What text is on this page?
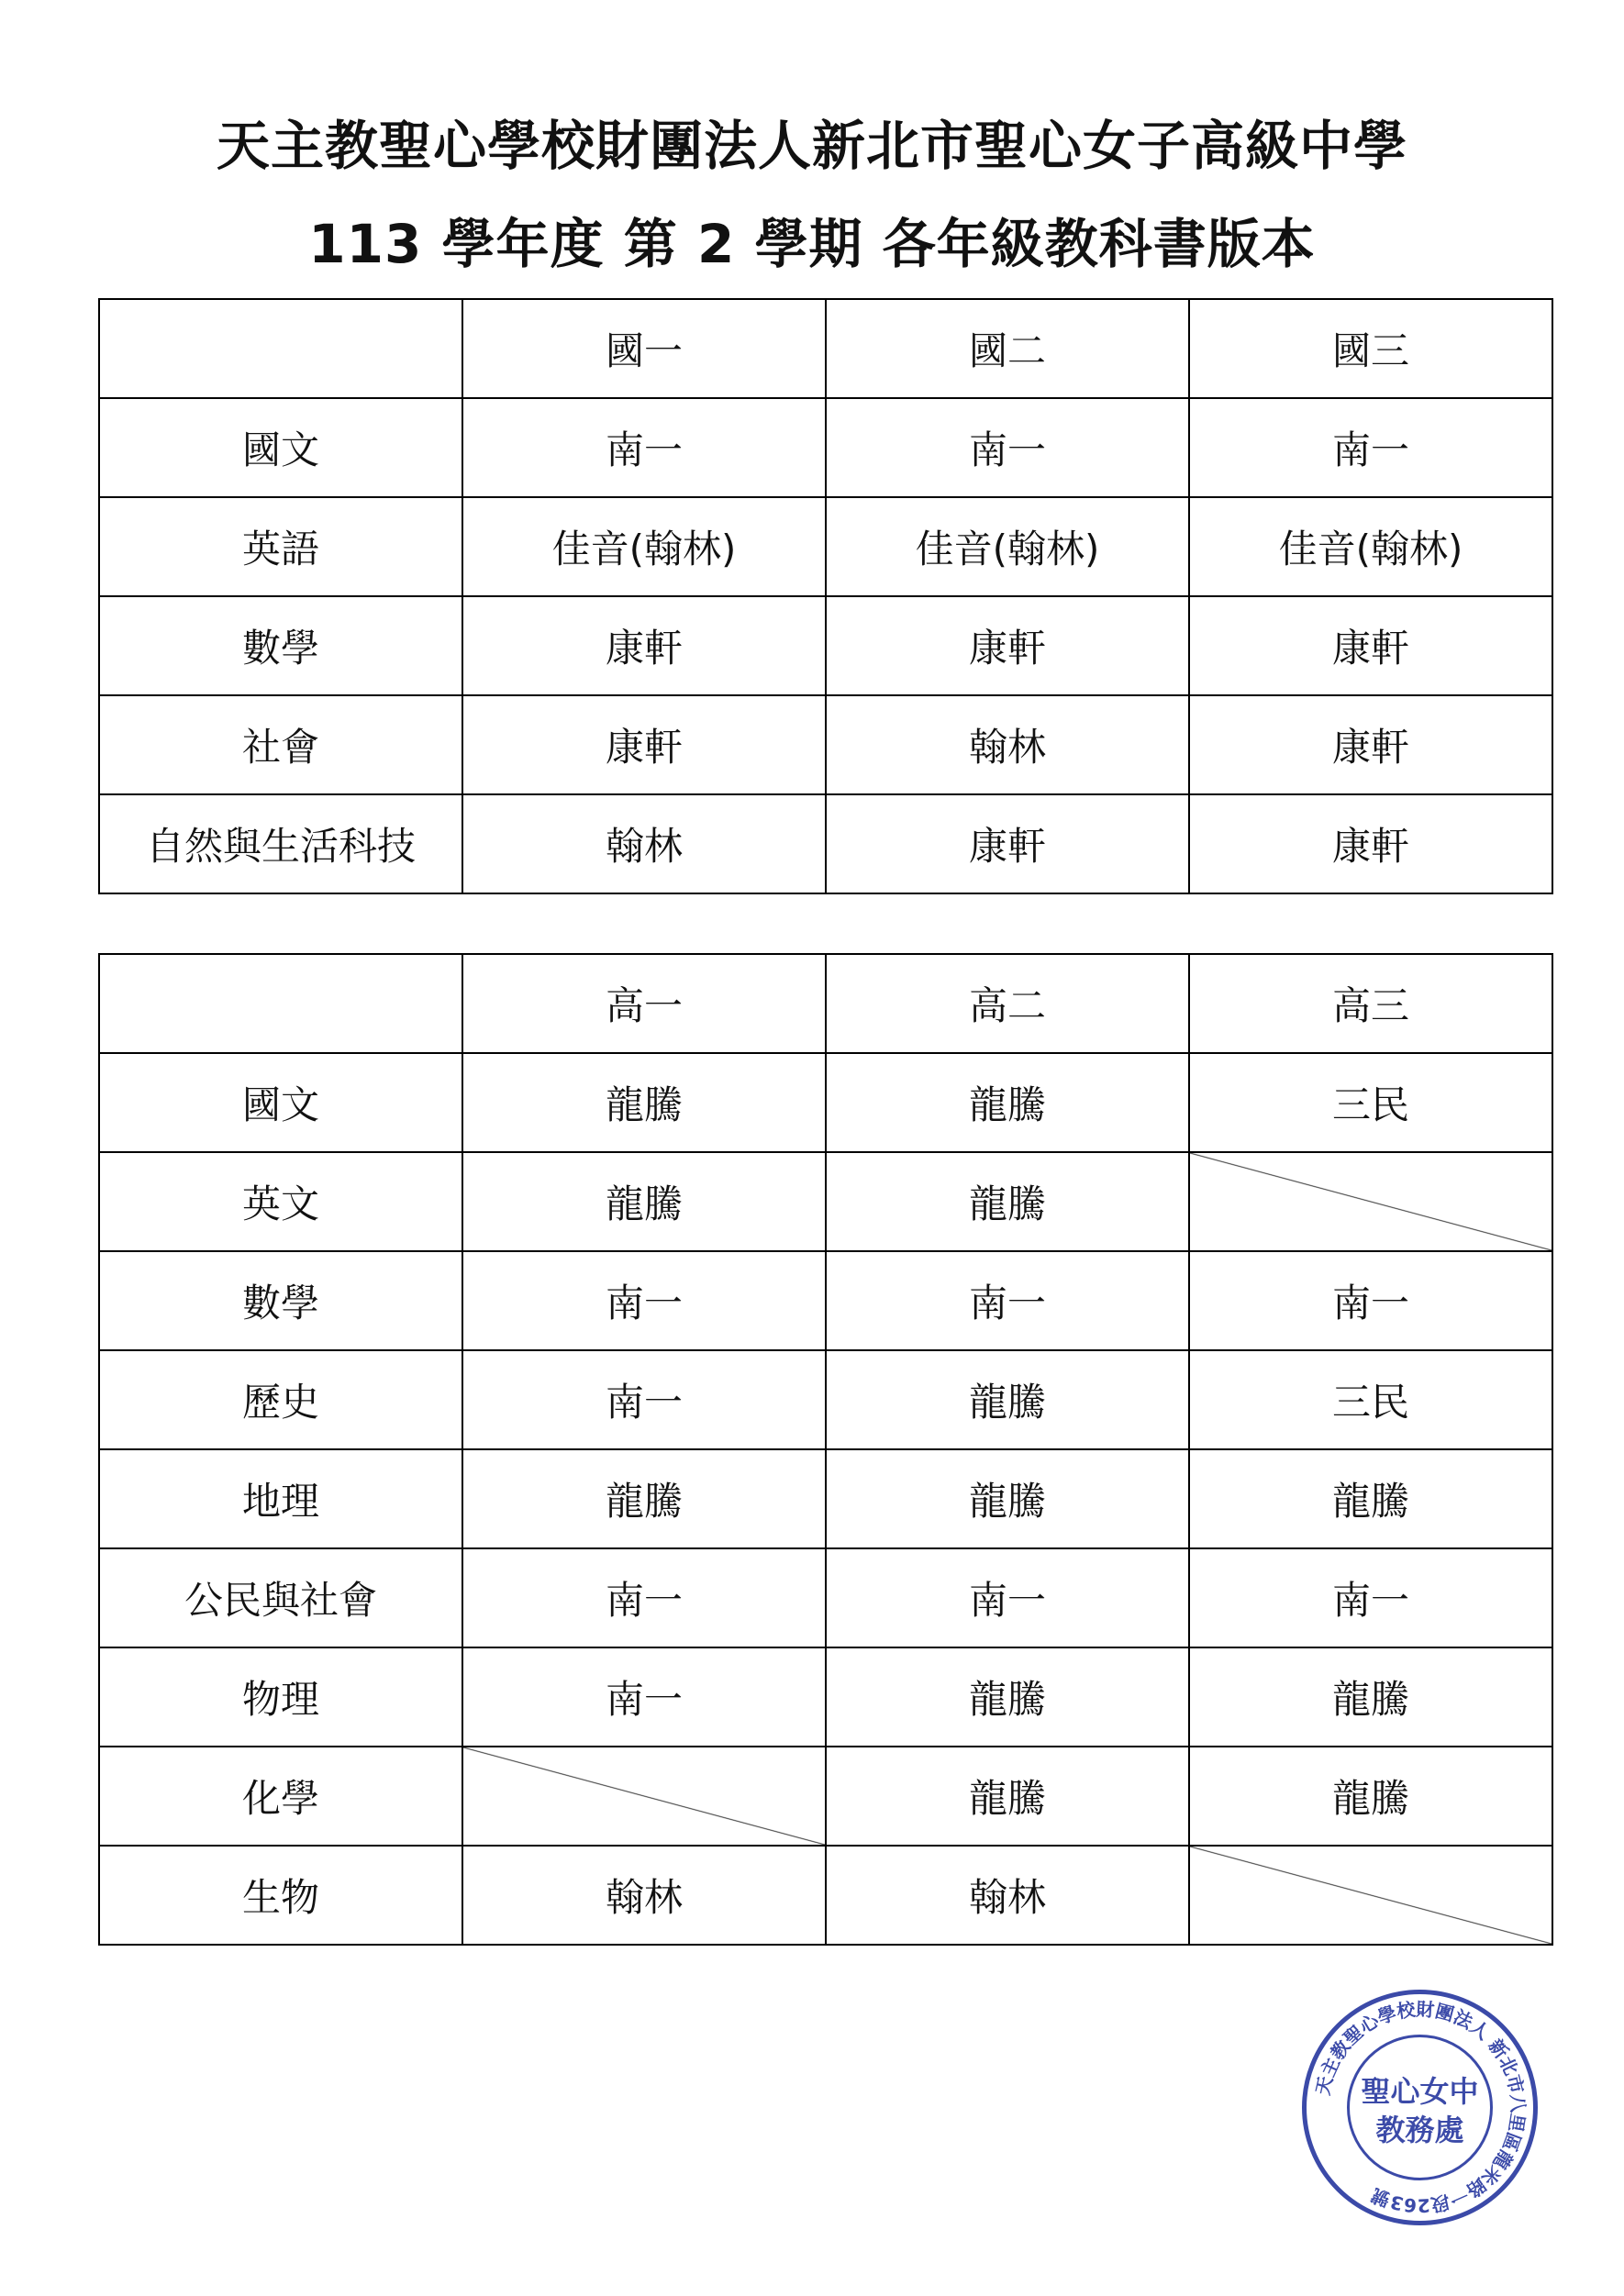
天主教聖心學校財團法人新北市聖心女子高級中學
113 學年度 第 2 學期 各年級教科書版本
	國一	國二	國三
國文	南一	南一	南一
英語	佳音(翰林)	佳音(翰林)	佳音(翰林)
數學	康軒	康軒	康軒
社會	康軒	翰林	康軒
自然與生活科技	翰林	康軒	康軒
	高一	高二	高三
國文	龍騰	龍騰	三民
英文	龍騰	龍騰	
數學	南一	南一	南一
歷史	南一	龍騰	三民
地理	龍騰	龍騰	龍騰
公民與社會	南一	南一	南一
物理	南一	龍騰	龍騰
化學		龍騰	龍騰
生物	翰林	翰林	
天主教聖心學校財團法人 新北市八里區龍米路一段263號
聖心女中
教務處
